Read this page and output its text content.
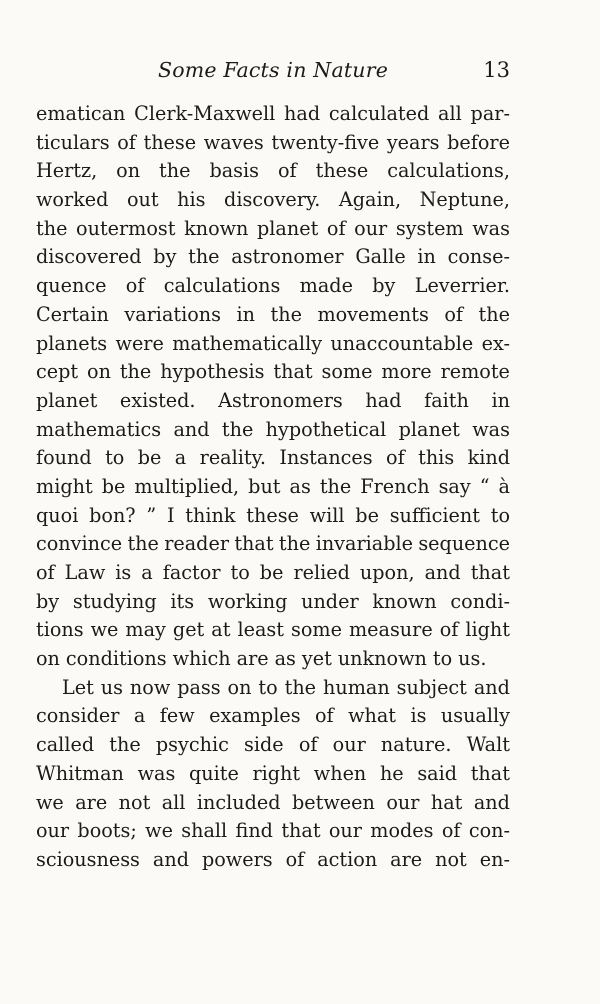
Some Facts in Nature	13
ematican Clerk-Maxwell had calculated all par-
ticulars of these waves twenty-five years before
Hertz, on the basis of these calculations,
worked out his discovery. Again, Neptune,
the outermost known planet of our system was
discovered by the astronomer Galle in conse-
quence of calculations made by Leverrier.
Certain variations in the movements of the
planets were mathematically unaccountable ex-
cept on the hypothesis that some more remote
planet existed. Astronomers had faith in
mathematics and the hypothetical planet was
found to be a reality. Instances of this kind
might be multiplied, but as the French say “ à
quoi bon? ” I think these will be sufficient to
convince the reader that the invariable sequence
of Law is a factor to be relied upon, and that
by studying its working under known condi-
tions we may get at least some measure of light
on conditions which are as yet unknown to us.
Let us now pass on to the human subject and
consider a few examples of what is usually
called the psychic side of our nature. Walt
Whitman was quite right when he said that
we are not all included between our hat and
our boots; we shall find that our modes of con-
sciousness and powers of action are not en-
